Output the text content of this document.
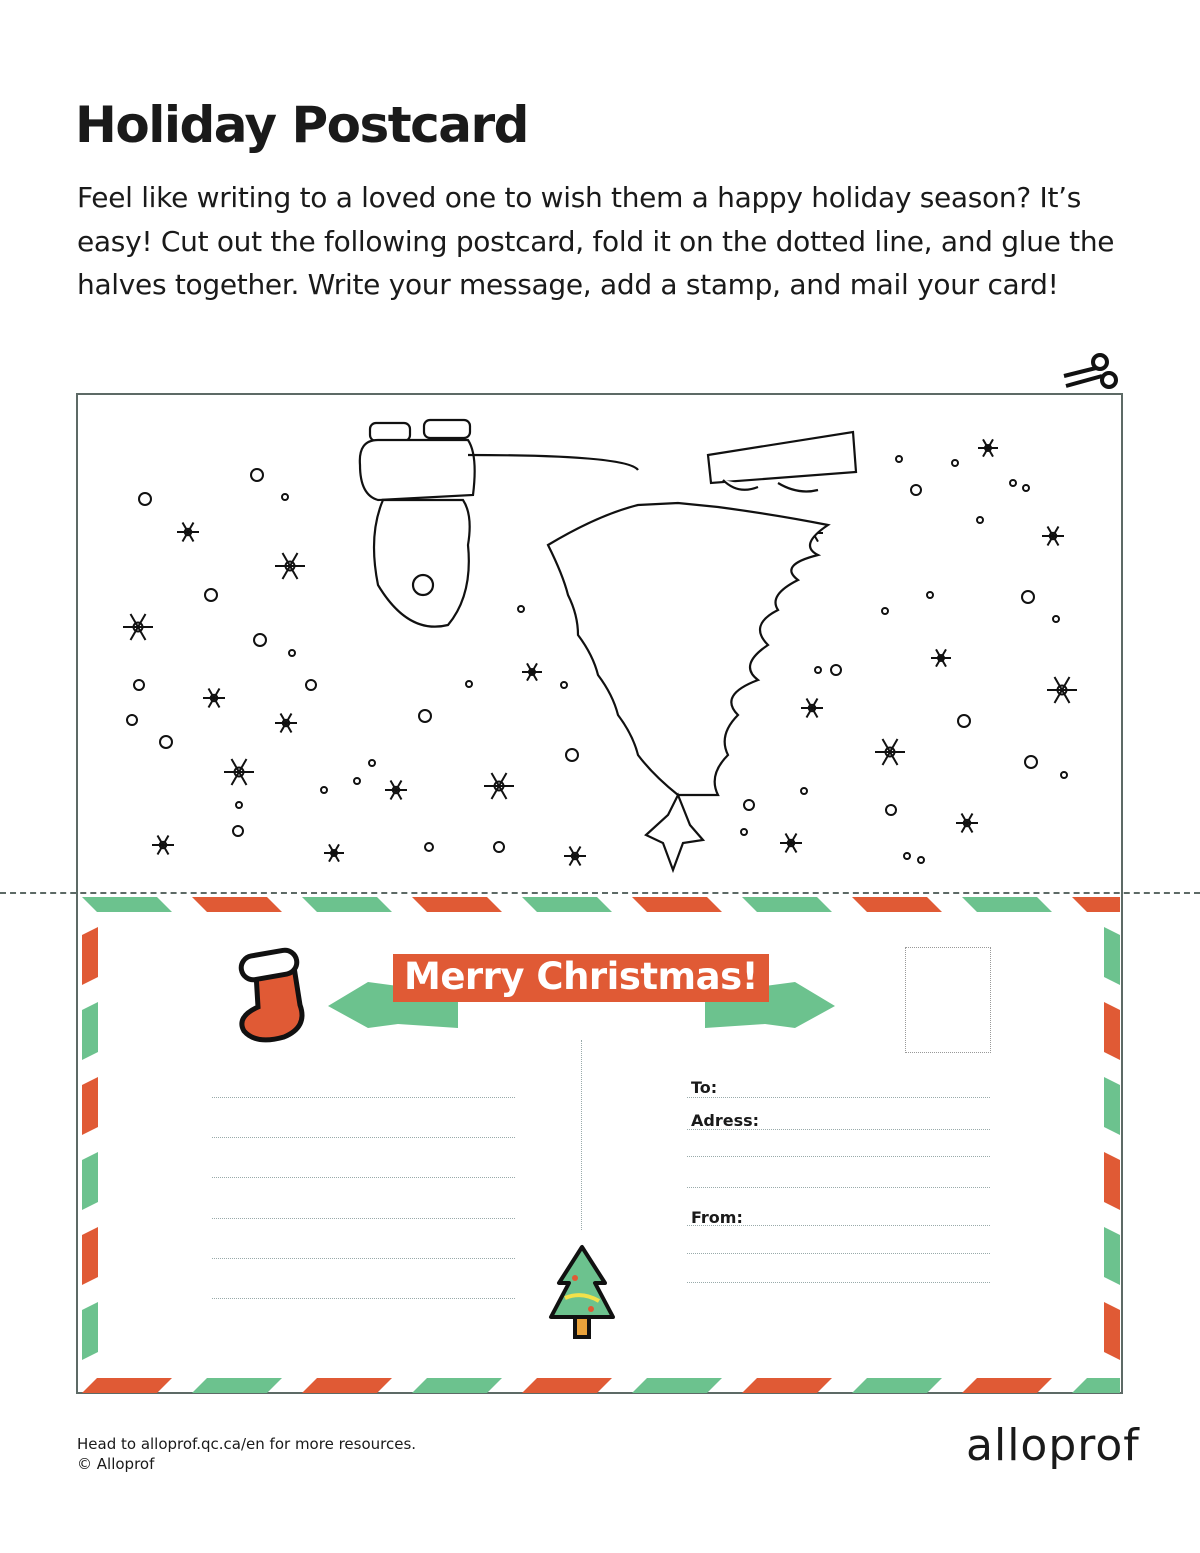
Holiday Postcard

Feel like writing to a loved one to wish them a happy holiday season? It’s easy! Cut out the following postcard, fold it on the dotted line, and glue the halves together. Write your message, add a stamp, and mail your card!

Merry Christmas!
To:
Adress:
From:
Head to alloprof.qc.ca/en for more resources.
© Alloprof	alloprof
